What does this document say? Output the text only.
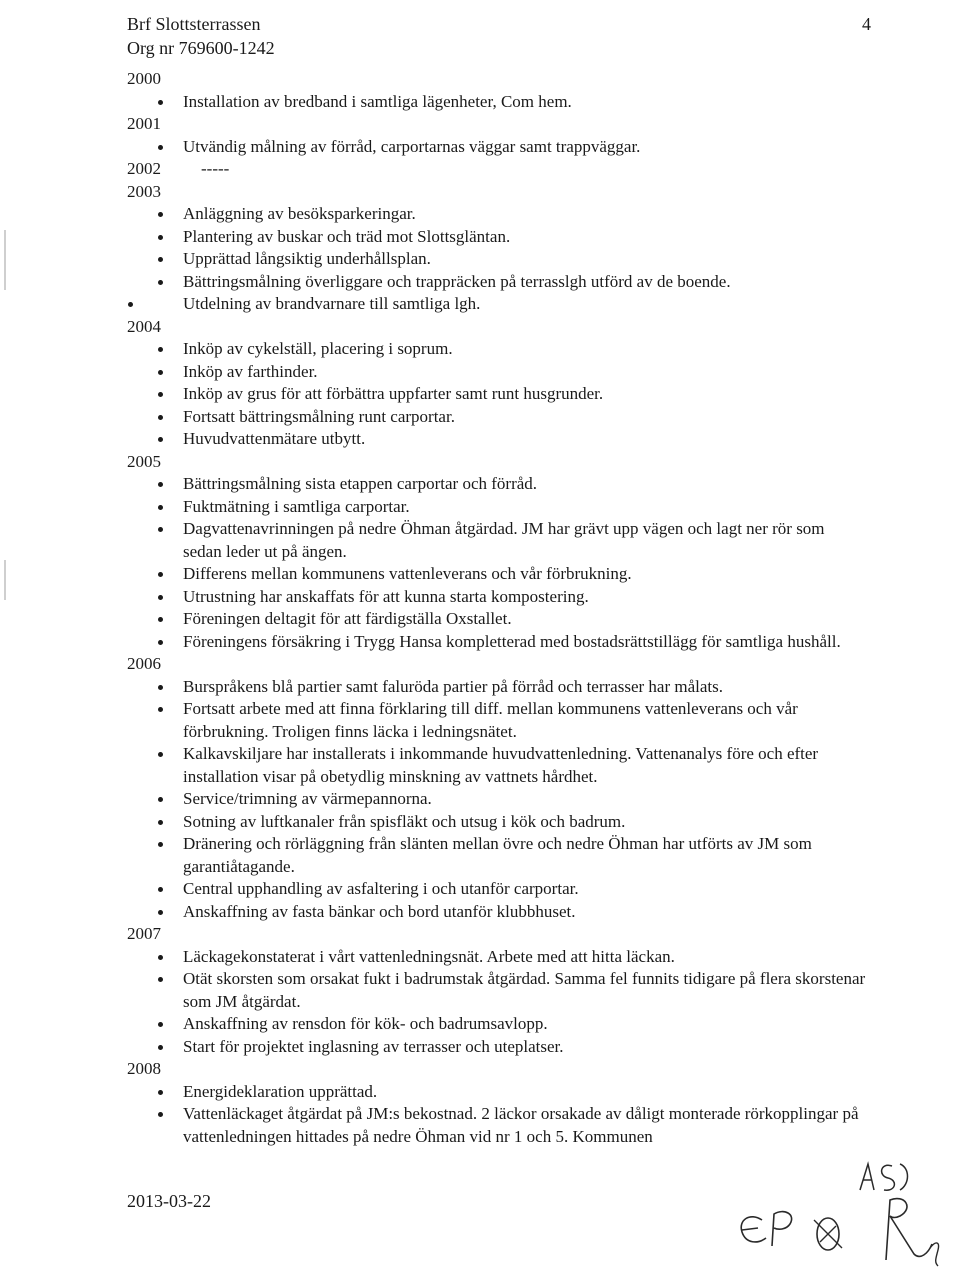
Brf Slottsterrassen
Org nr 769600-1242
4
2000
Installation av bredband i samtliga lägenheter, Com hem.
2001
Utvändig målning av förråd, carportarnas väggar samt trappväggar.
2002	-----
2003
Anläggning av besöksparkeringar.
Plantering av buskar och träd mot Slottsgläntan.
Upprättad långsiktig underhållsplan.
Bättringsmålning överliggare och trappräcken på terrasslgh utförd av de boende.
Utdelning av brandvarnare till samtliga lgh.
2004
Inköp av cykelställ, placering i soprum.
Inköp av farthinder.
Inköp av grus för att förbättra uppfarter samt runt husgrunder.
Fortsatt bättringsmålning runt carportar.
Huvudvattenmätare utbytt.
2005
Bättringsmålning sista etappen carportar och förråd.
Fuktmätning i samtliga carportar.
Dagvattenavrinningen på nedre Öhman åtgärdad. JM har grävt upp vägen och lagt ner rör som sedan leder ut på ängen.
Differens mellan kommunens vattenleverans och vår förbrukning.
Utrustning har anskaffats för att kunna starta kompostering.
Föreningen deltagit för att färdigställa Oxstallet.
Föreningens försäkring i Trygg Hansa kompletterad med bostadsrättstillägg för samtliga hushåll.
2006
Burspråkens blå partier samt faluröda partier på förråd och terrasser har målats.
Fortsatt arbete med att finna förklaring till diff. mellan kommunens vattenleverans och vår förbrukning. Troligen finns läcka i ledningsnätet.
Kalkavskiljare har installerats i inkommande huvudvattenledning. Vattenanalys före och efter installation visar på obetydlig minskning av vattnets hårdhet.
Service/trimning av värmepannorna.
Sotning av luftkanaler från spisfläkt och utsug i kök och badrum.
Dränering och rörläggning från slänten mellan övre och nedre Öhman har utförts av JM som garantiåtagande.
Central upphandling av asfaltering i och utanför carportar.
Anskaffning av fasta bänkar och bord utanför klubbhuset.
2007
Läckagekonstaterat i vårt vattenledningsnät. Arbete med att hitta läckan.
Otät skorsten som orsakat fukt i badrumstak åtgärdad. Samma fel funnits tidigare på flera skorstenar som JM åtgärdat.
Anskaffning av rensdon för kök- och badrumsavlopp.
Start för projektet inglasning av terrasser och uteplatser.
2008
Energideklaration upprättad.
Vattenläckaget åtgärdat på JM:s bekostnad. 2 läckor orsakade av dåligt monterade rörkopplingar på vattenledningen hittades på nedre Öhman vid nr 1 och 5. Kommunen
2013-03-22
